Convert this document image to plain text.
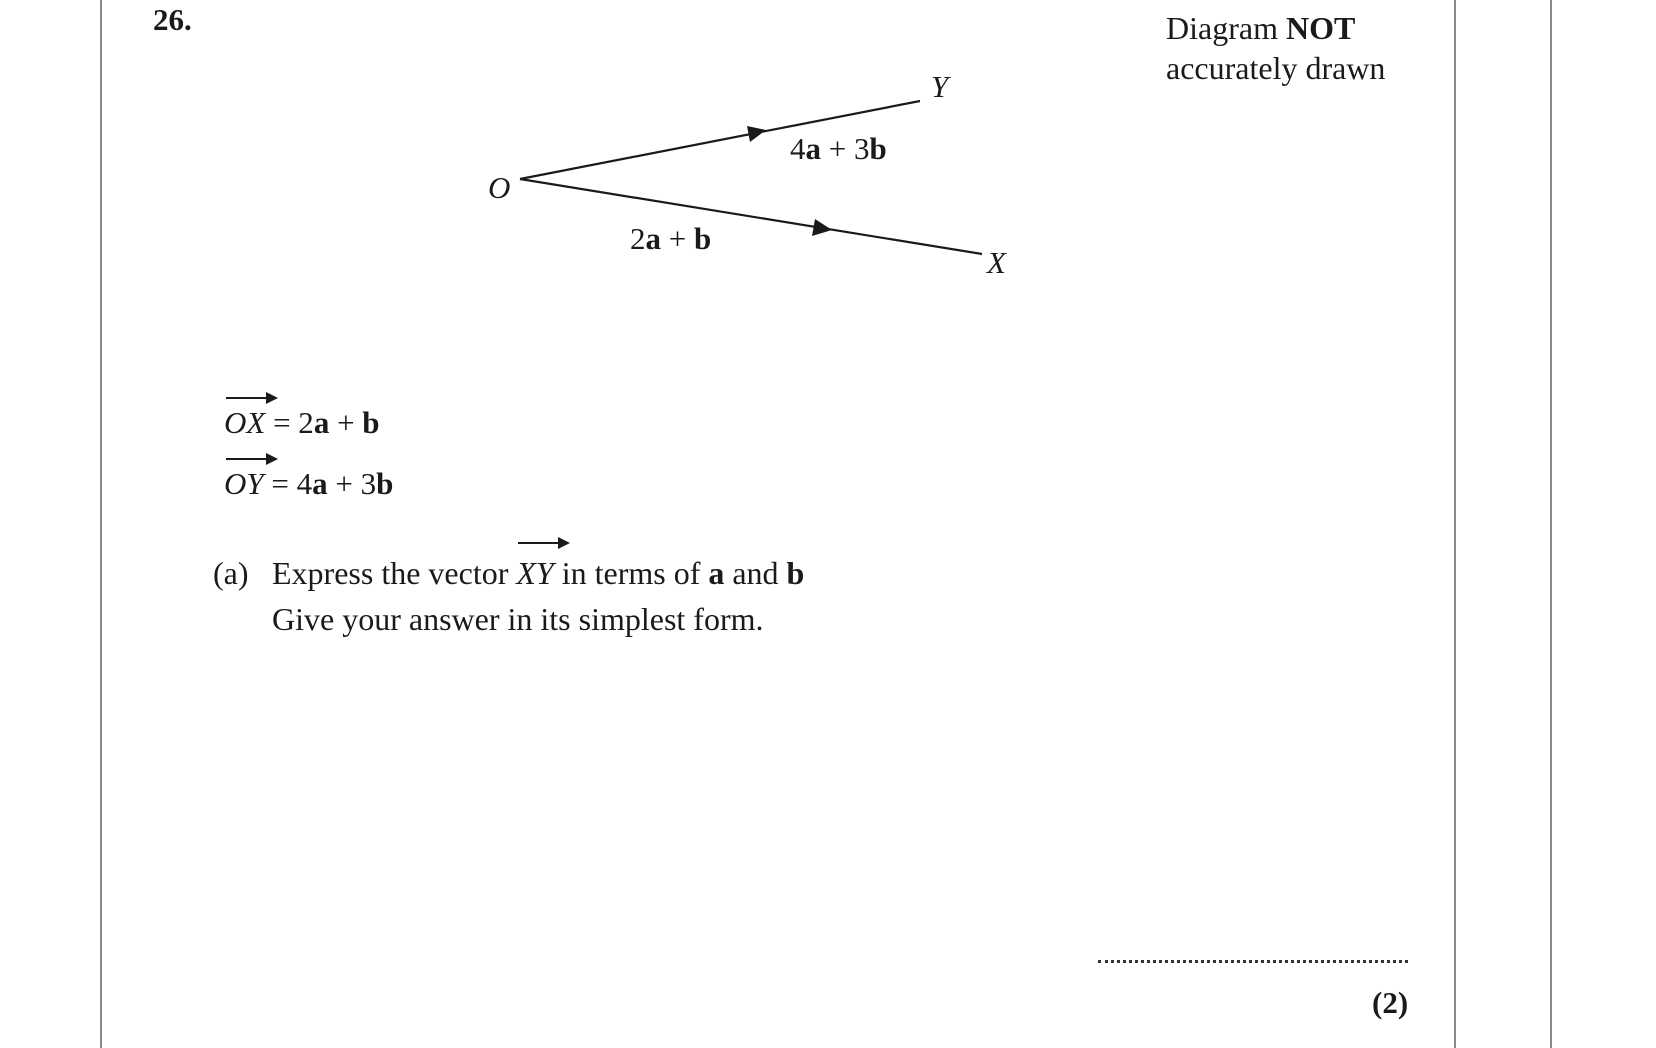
26.	Diagram NOT
accurately drawn
O
Y
X
4a + 3b
2a + b
OX = 2a + b
OY = 4a + 3b
(a) Express the vector
XY in terms of a and b
Give your answer in its simplest form.
(2)
